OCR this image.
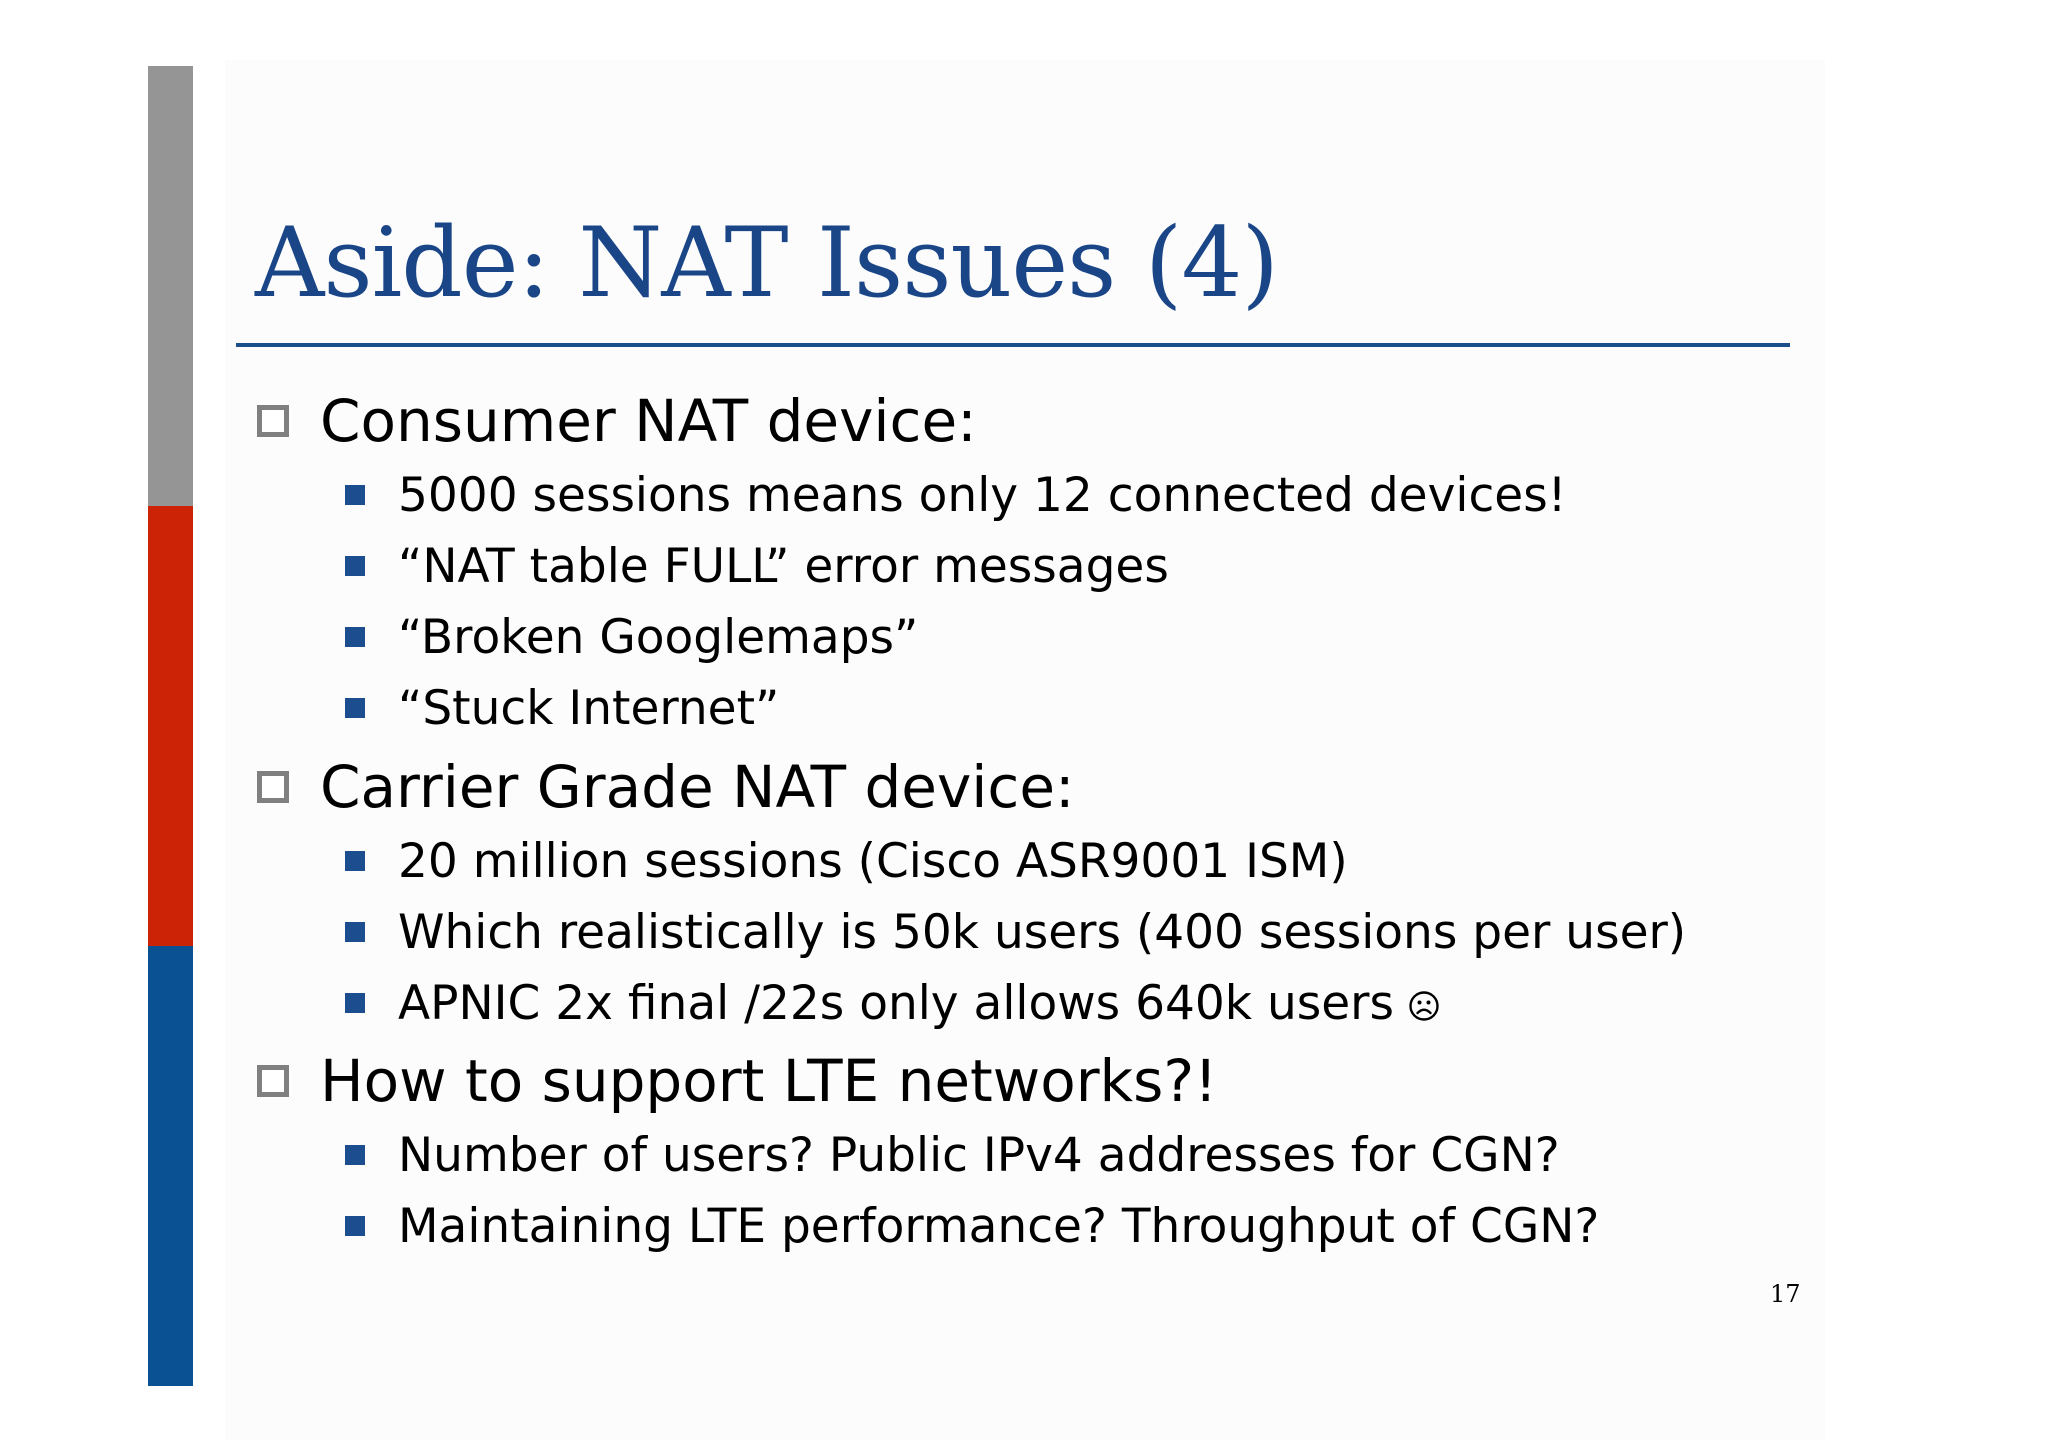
Aside: NAT Issues (4)
Consumer NAT device:
5000 sessions means only 12 connected devices!
“NAT table FULL” error messages
“Broken Googlemaps”
“Stuck Internet”
Carrier Grade NAT device:
20 million sessions (Cisco ASR9001 ISM)
Which realistically is 50k users (400 sessions per user)
APNIC 2x final /22s only allows 640k users
How to support LTE networks?!
Number of users? Public IPv4 addresses for CGN?
Maintaining LTE performance? Throughput of CGN?
17
